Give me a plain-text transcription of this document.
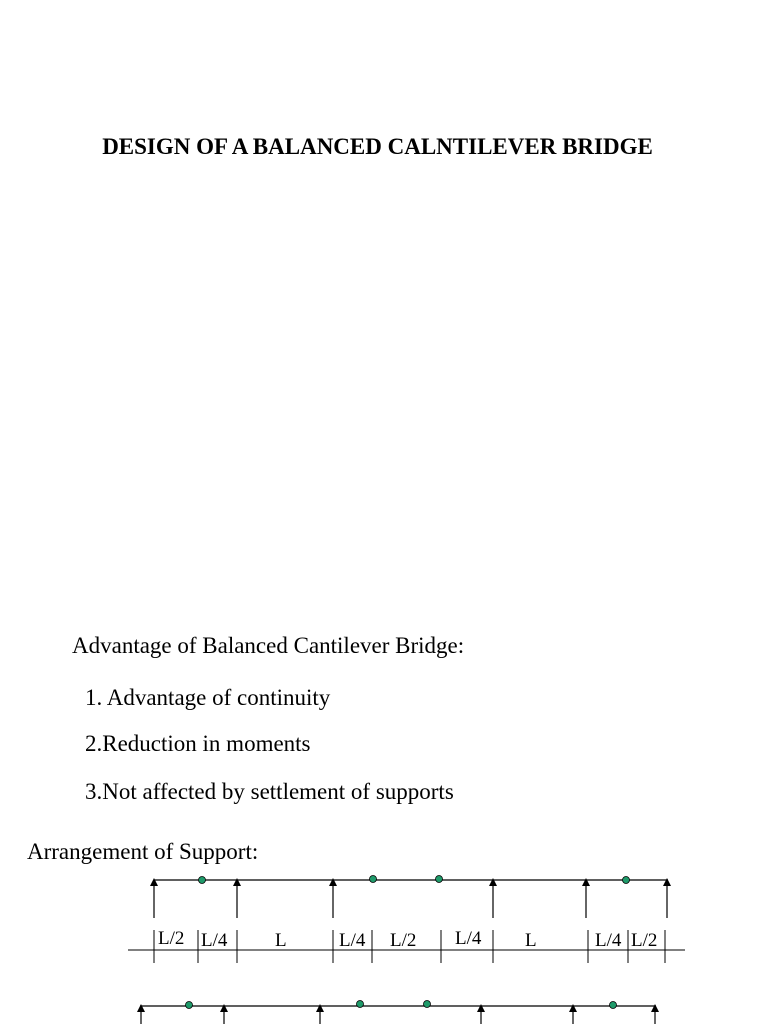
DESIGN OF A BALANCED CALNTILEVER BRIDGE
Advantage of Balanced Cantilever Bridge:
1. Advantage of continuity
2.Reduction in moments
3.Not affected by settlement of supports
Arrangement of Support:
L/2 L/4	L	L/4 L/2 L/4 L	L/4 L/2
